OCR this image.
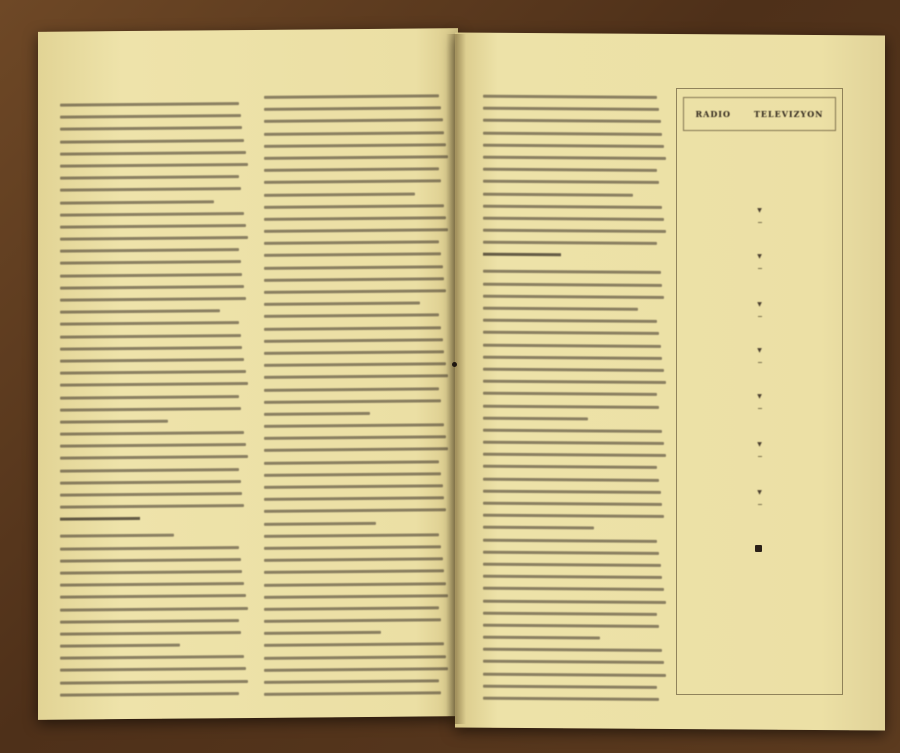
RADIO	TELEVIZYON
▼
▼
▼
▼
▼
▼
▼
